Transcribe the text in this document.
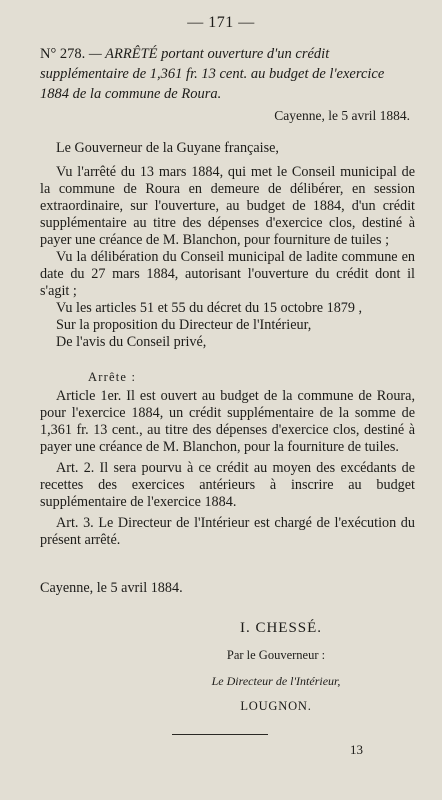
— 171 —
N° 278. — ARRÊTÉ portant ouverture d'un crédit supplémentaire de 1,361 fr. 13 cent. au budget de l'exercice 1884 de la commune de Roura.
Cayenne, le 5 avril 1884.

Le Gouverneur de la Guyane française,

Vu l'arrêté du 13 mars 1884, qui met le Conseil municipal de la commune de Roura en demeure de délibérer, en session extraordinaire, sur l'ouverture, au budget de 1884, d'un crédit supplémentaire au titre des dépenses d'exercice clos, destiné à payer une créance de M. Blanchon, pour fourniture de tuiles ;

Vu la délibération du Conseil municipal de ladite commune en date du 27 mars 1884, autorisant l'ouverture du crédit dont il s'agit ;

Vu les articles 51 et 55 du décret du 15 octobre 1879 ,

Sur la proposition du Directeur de l'Intérieur,

De l'avis du Conseil privé,

Arrête :

Article 1er. Il est ouvert au budget de la commune de Roura, pour l'exercice 1884, un crédit supplémentaire de la somme de 1,361 fr. 13 cent., au titre des dépenses d'exercice clos, destiné à payer une créance de M. Blanchon, pour la fourniture de tuiles.

Art. 2. Il sera pourvu à ce crédit au moyen des excédants de recettes des exercices antérieurs à inscrire au budget supplémentaire de l'exercice 1884.

Art. 3. Le Directeur de l'Intérieur est chargé de l'exécution du présent arrêté.

Cayenne, le 5 avril 1884.
I. CHESSÉ.
Par le Gouverneur :
Le Directeur de l'Intérieur,
LOUGNON.
13
